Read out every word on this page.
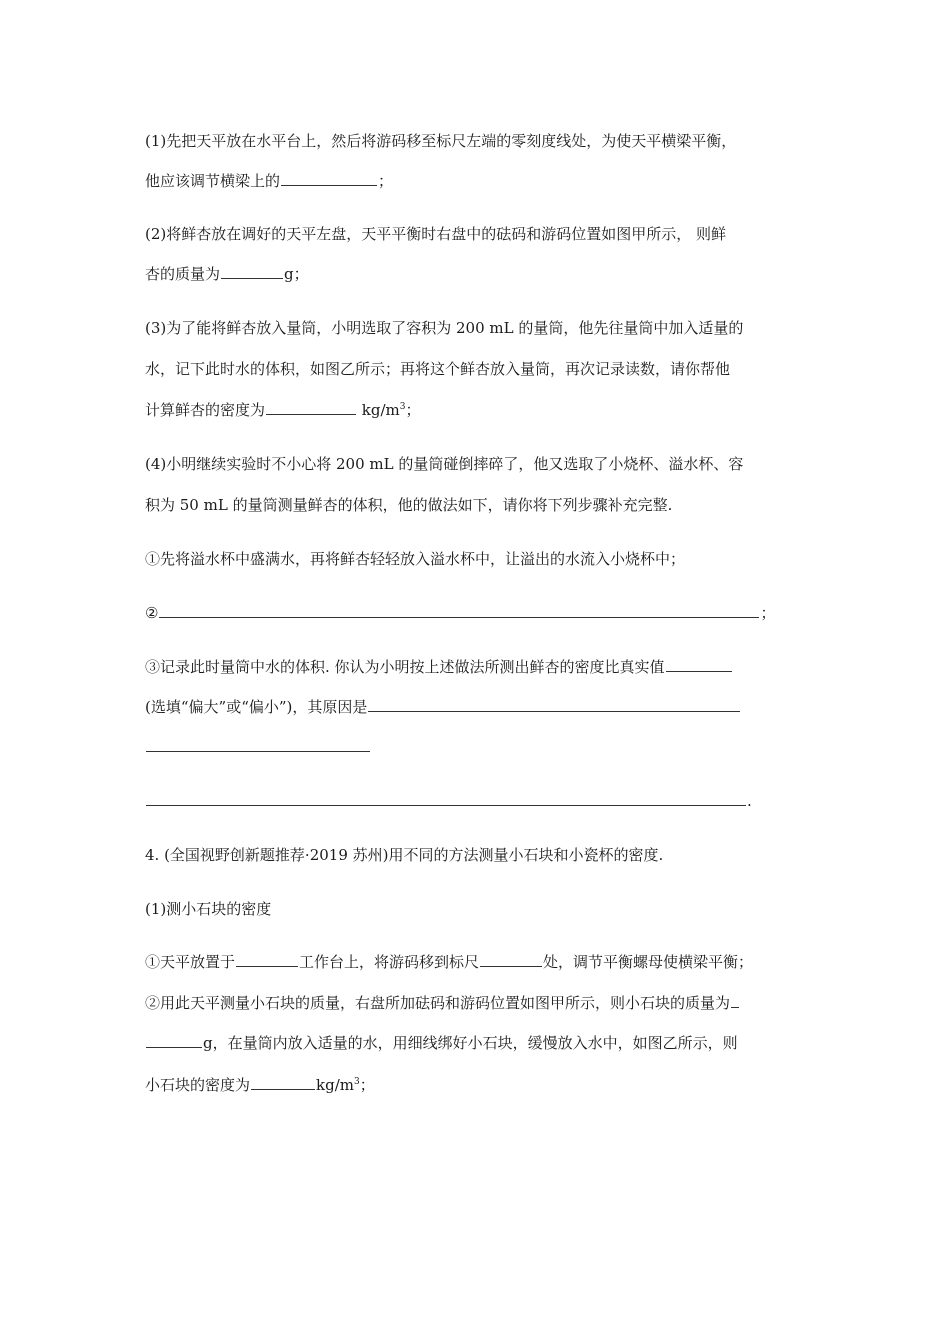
(1)先把天平放在水平台上，然后将游码移至标尺左端的零刻度线处，为使天平横梁平衡，
他应该调节横梁上的	；
(2)将鲜杏放在调好的天平左盘，天平平衡时右盘中的砝码和游码位置如图甲所示， 则鲜
杏的质量为	g；
(3)为了能将鲜杏放入量筒，小明选取了容积为 200 mL 的量筒，他先往量筒中加入适量的
水，记下此时水的体积，如图乙所示；再将这个鲜杏放入量筒，再次记录读数，请你帮他
计算鲜杏的密度为	$kg/m^3$；
(4)小明继续实验时不小心将 200 mL 的量筒碰倒摔碎了，他又选取了小烧杯、溢水杯、容
积为 50 mL 的量筒测量鲜杏的体积，他的做法如下，请你将下列步骤补充完整.
①先将溢水杯中盛满水，再将鲜杏轻轻放入溢水杯中，让溢出的水流入小烧杯中；
②	；
③记录此时量筒中水的体积. 你认为小明按上述做法所测出鲜杏的密度比真实值
(选填“偏大”或“偏小”)，其原因是
.
4. (全国视野创新题推荐·2019 苏州)用不同的方法测量小石块和小瓷杯的密度.
(1)测小石块的密度
①天平放置于	工作台上，将游码移到标尺	处，调节平衡螺母使横梁平衡；
②用此天平测量小石块的质量，右盘所加砝码和游码位置如图甲所示，则小石块的质量为
g，在量筒内放入适量的水，用细线绑好小石块，缓慢放入水中，如图乙所示，则
小石块的密度为	$kg/m^3$；
